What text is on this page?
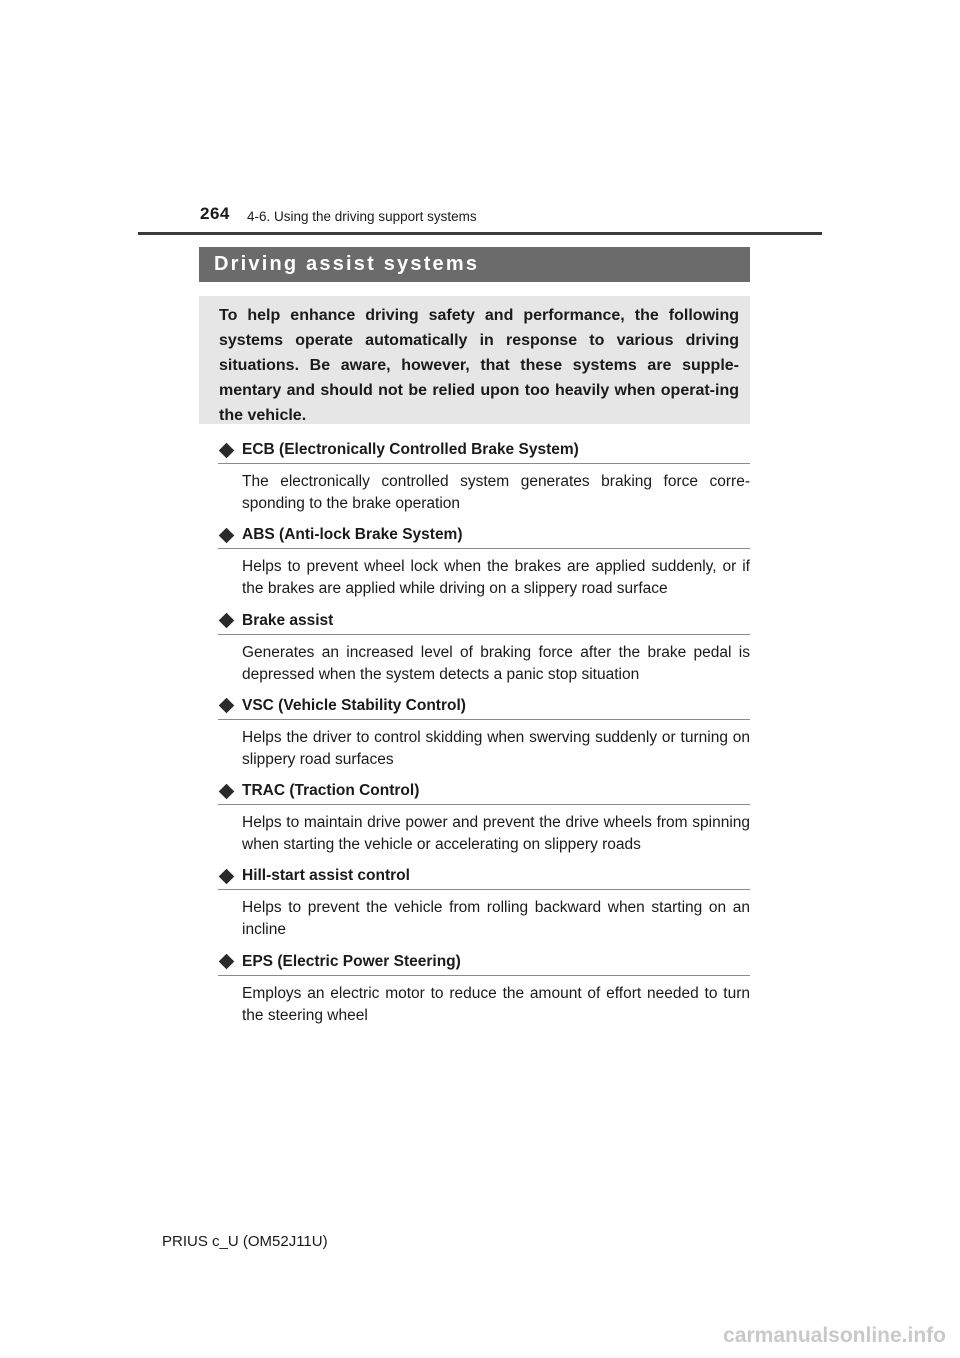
264 4-6. Using the driving support systems
Driving assist systems
To help enhance driving safety and performance, the following systems operate automatically in response to various driving situations. Be aware, however, that these systems are supple-mentary and should not be relied upon too heavily when operat-ing the vehicle.
ECB (Electronically Controlled Brake System)
The electronically controlled system generates braking force corre-sponding to the brake operation
ABS (Anti-lock Brake System)
Helps to prevent wheel lock when the brakes are applied suddenly, or if the brakes are applied while driving on a slippery road surface
Brake assist
Generates an increased level of braking force after the brake pedal is depressed when the system detects a panic stop situation
VSC (Vehicle Stability Control)
Helps the driver to control skidding when swerving suddenly or turning on slippery road surfaces
TRAC (Traction Control)
Helps to maintain drive power and prevent the drive wheels from spinning when starting the vehicle or accelerating on slippery roads
Hill-start assist control
Helps to prevent the vehicle from rolling backward when starting on an incline
EPS (Electric Power Steering)
Employs an electric motor to reduce the amount of effort needed to turn the steering wheel
PRIUS c_U (OM52J11U)
carmanualsonline.info
